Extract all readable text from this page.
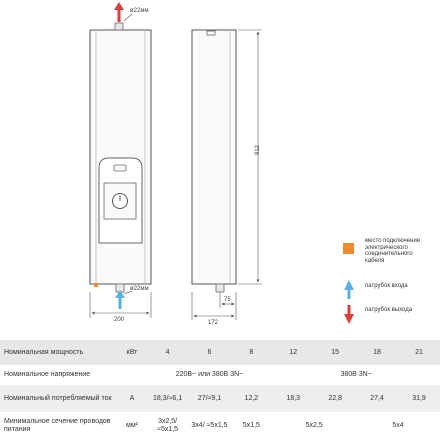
ø22мм
ø22мм
912
200	172
75
место подключения электрического соединительного кабеля
патрубок входа
патрубок выхода
Номинальная мощность	кВт	4	6	8	12	15	18	21
Номинальное напряжение		220В~ или 380В 3N~			380В 3N~			
Номинальный потребляемый ток	А	18,3/≈6,1	27/≈9,1	12,2	18,3	22,8	27,4	31,9
Минимальное сечение проводов питания	мм²	3х2,5/ ≈5х1,5	3х4/ ≈5х1,5	5х1,5	5х2,5		5х4	
